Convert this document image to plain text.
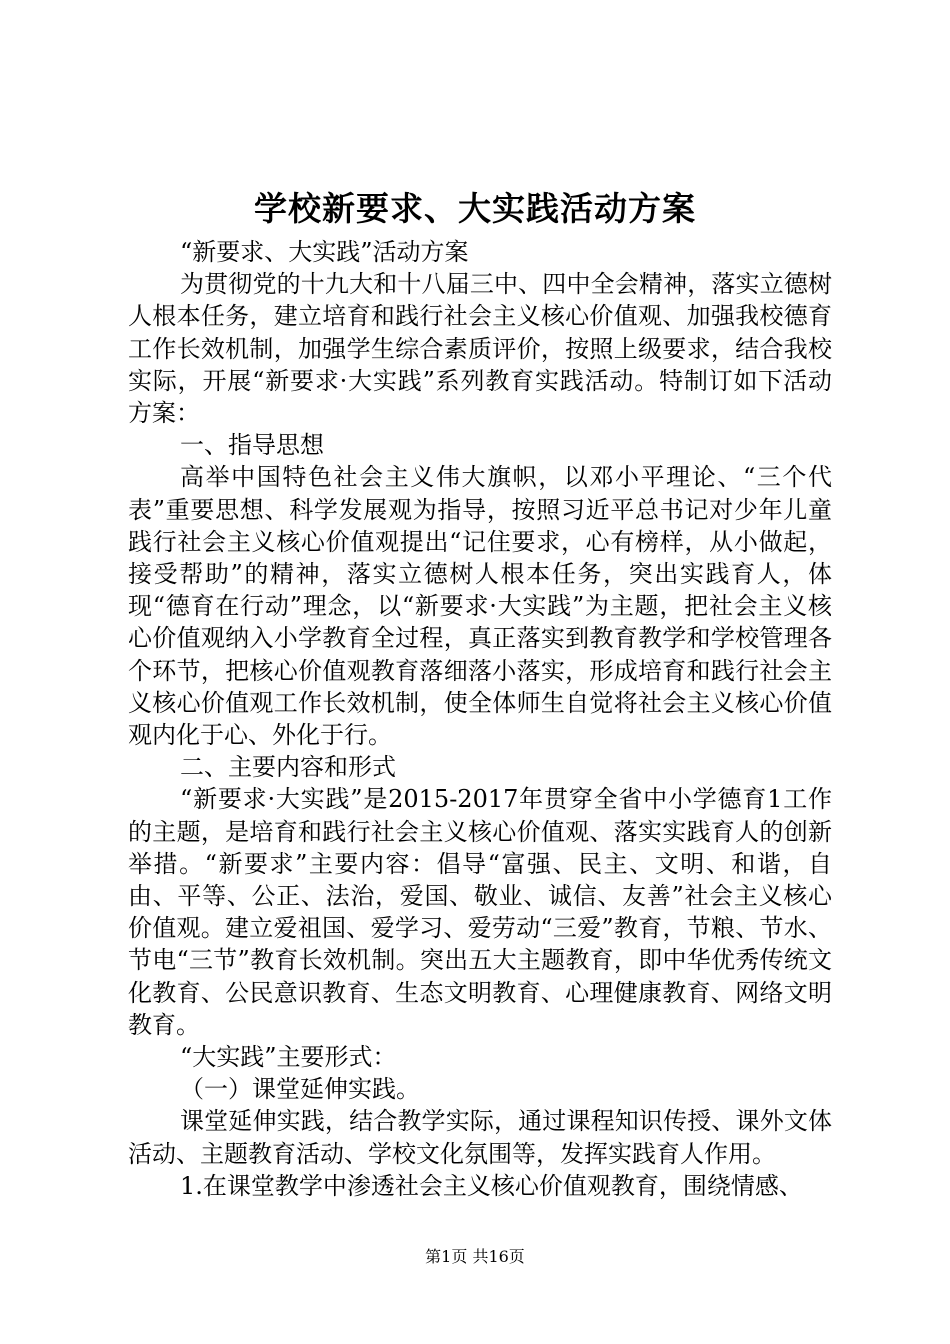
学校新要求、大实践活动方案

“新要求、大实践”活动方案

为贯彻党的十九大和十八届三中、四中全会精神，落实立德树人根本任务，建立培育和践行社会主义核心价值观、加强我校德育工作长效机制，加强学生综合素质评价，按照上级要求，结合我校实际，开展“新要求·大实践”系列教育实践活动。特制订如下活动方案：

一、指导思想

高举中国特色社会主义伟大旗帜，以邓小平理论、“三个代表”重要思想、科学发展观为指导，按照习近平总书记对少年儿童践行社会主义核心价值观提出“记住要求，心有榜样，从小做起，接受帮助”的精神，落实立德树人根本任务，突出实践育人，体现“德育在行动”理念，以“新要求·大实践”为主题，把社会主义核心价值观纳入小学教育全过程，真正落实到教育教学和学校管理各个环节，把核心价值观教育落细落小落实，形成培育和践行社会主义核心价值观工作长效机制，使全体师生自觉将社会主义核心价值观内化于心、外化于行。

二、主要内容和形式

“新要求·大实践”是2015-2017年贯穿全省中小学德育1工作的主题，是培育和践行社会主义核心价值观、落实实践育人的创新举措。“新要求”主要内容：倡导“富强、民主、文明、和谐，自由、平等、公正、法治，爱国、敬业、诚信、友善”社会主义核心价值观。建立爱祖国、爱学习、爱劳动“三爱”教育，节粮、节水、节电“三节”教育长效机制。突出五大主题教育，即中华优秀传统文化教育、公民意识教育、生态文明教育、心理健康教育、网络文明教育。

“大实践”主要形式：

（一）课堂延伸实践。

课堂延伸实践，结合教学实际，通过课程知识传授、课外文体活动、主题教育活动、学校文化氛围等，发挥实践育人作用。

1.在课堂教学中渗透社会主义核心价值观教育，围绕情感、

第1页 共16页
